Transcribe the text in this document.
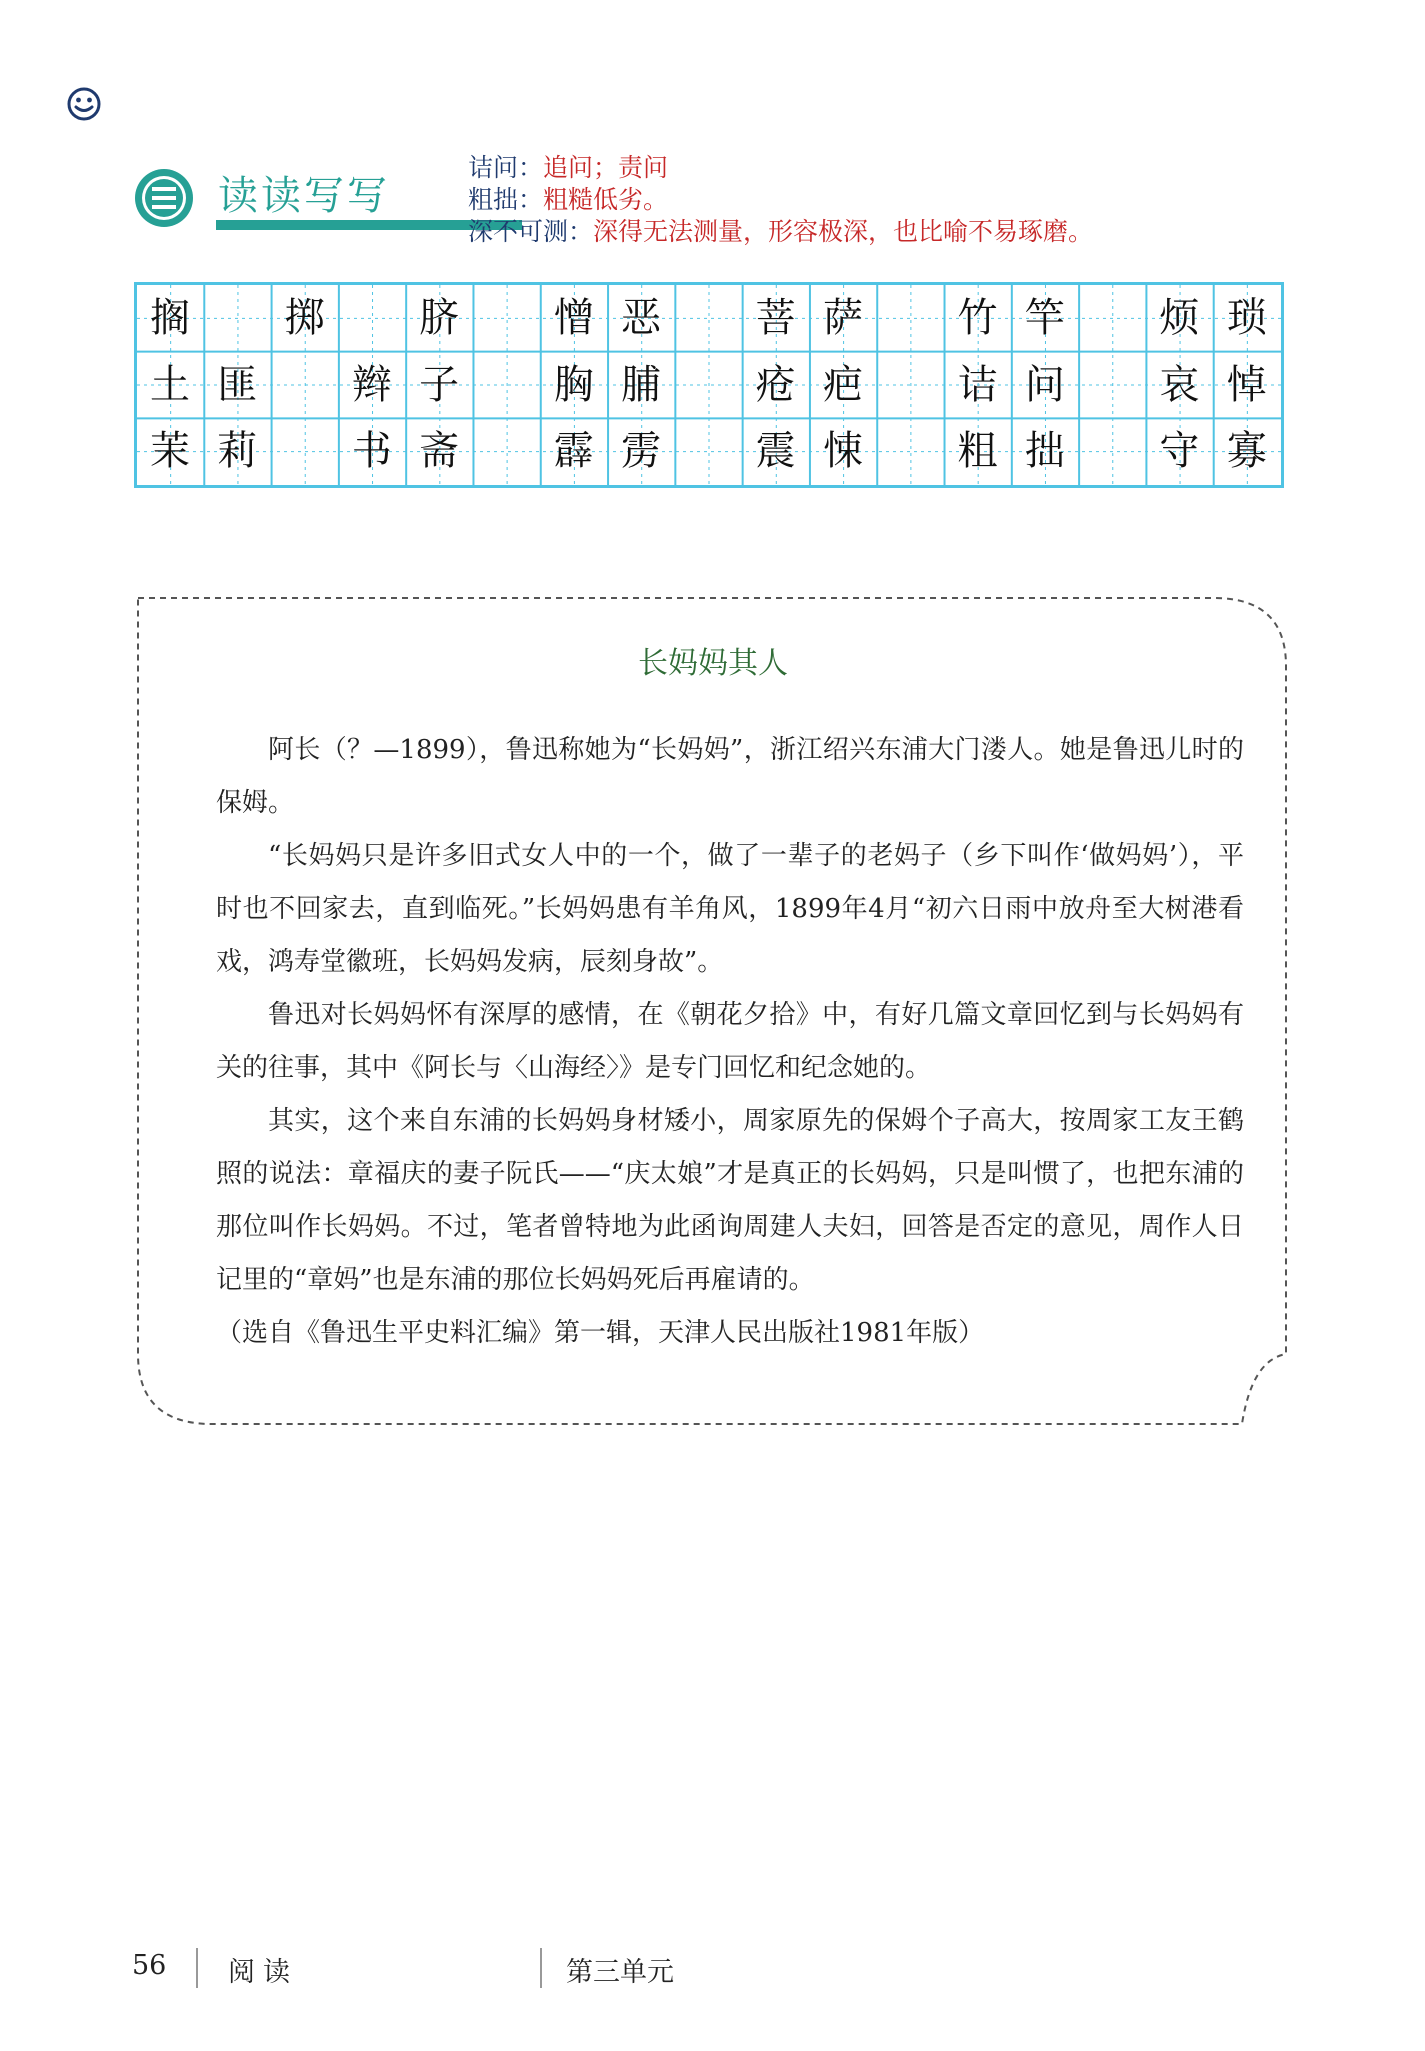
读读写写
诘问：追问；责问
粗拙：粗糙低劣。
深不可测：深得无法测量，形容极深，也比喻不易琢磨。
搁	掷	脐	憎 恶	菩 萨	竹 竿	烦 琐
土 匪	辫 子	胸 脯	疮 疤	诘 问	哀 悼
茉 莉	书 斋	霹 雳	震 悚	粗 拙	守 寡
长妈妈其人

阿长（？—1899），鲁迅称她为“长妈妈”，浙江绍兴东浦大门溇人。她是鲁迅儿时的保姆。

“长妈妈只是许多旧式女人中的一个，做了一辈子的老妈子（乡下叫作‘做妈妈’），平时也不回家去，直到临死。”长妈妈患有羊角风，1899年4月“初六日雨中放舟至大树港看戏，鸿寿堂徽班，长妈妈发病，辰刻身故”。

鲁迅对长妈妈怀有深厚的感情，在《朝花夕拾》中，有好几篇文章回忆到与长妈妈有关的往事，其中《阿长与〈山海经〉》是专门回忆和纪念她的。

其实，这个来自东浦的长妈妈身材矮小，周家原先的保姆个子高大，按周家工友王鹤照的说法：章福庆的妻子阮氏——“庆太娘”才是真正的长妈妈，只是叫惯了，也把东浦的那位叫作长妈妈。不过，笔者曾特地为此函询周建人夫妇，回答是否定的意见，周作人日记里的“章妈”也是东浦的那位长妈妈死后再雇请的。

（选自《鲁迅生平史料汇编》第一辑，天津人民出版社1981年版）

56 阅读	第三单元
